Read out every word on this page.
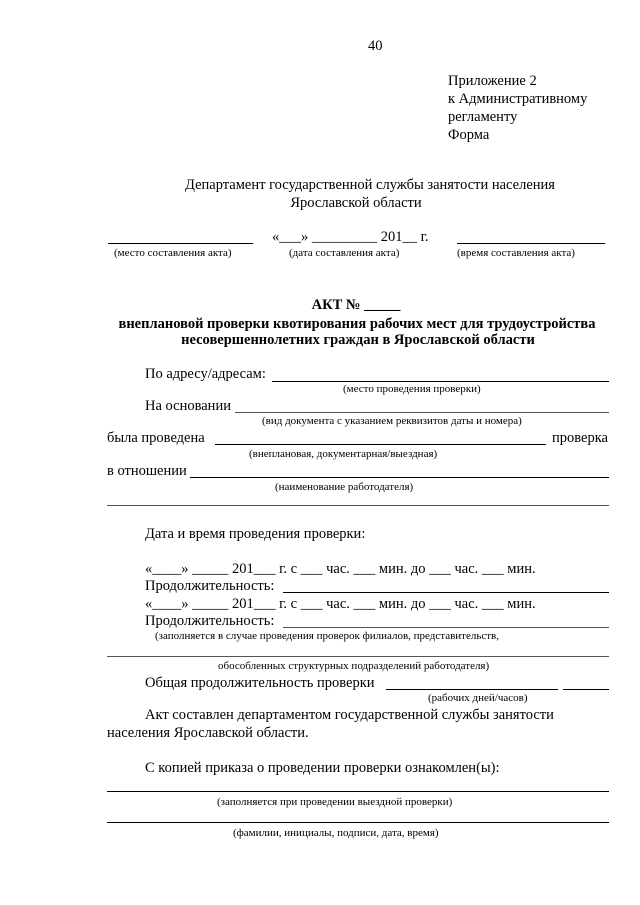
40
Приложение 2
к Административному
регламенту
Форма
Департамент государственной службы занятости населения
Ярославской области
«___» _________ 201__ г.
(место составления акта)	(дата составления акта)	(время составления акта)
АКТ № _____
внеплановой проверки квотирования рабочих мест для трудоустройства
несовершеннолетних граждан в Ярославской области
По адресу/адресам:
(место проведения проверки)
На основании
(вид документа с указанием реквизитов даты и номера)
была проведена	проверка
(внеплановая, документарная/выездная)
в отношении
(наименование работодателя)
Дата и время проведения проверки:
«____» _____ 201___ г. с ___ час. ___ мин. до ___ час. ___ мин.
Продолжительность:
«____» _____ 201___ г. с ___ час. ___ мин. до ___ час. ___ мин.
Продолжительность:
(заполняется в случае проведения проверок филиалов, представительств,
обособленных структурных подразделений работодателя)
Общая продолжительность проверки
(рабочих дней/часов)
Акт составлен департаментом государственной службы занятости
населения Ярославской области.
С копией приказа о проведении проверки ознакомлен(ы):
(заполняется при проведении выездной проверки)
(фамилии, инициалы, подписи, дата, время)
